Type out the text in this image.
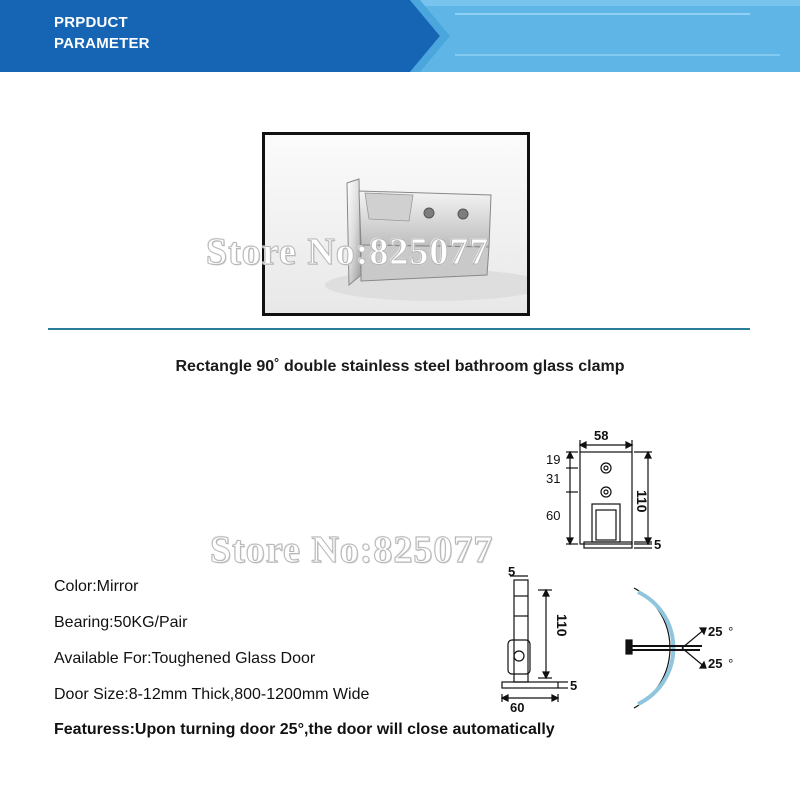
PRPDUCT
PARAMETER
Store No:825077
Rectangle 90˚ double stainless steel bathroom glass clamp
58
19
31
60
110
5
Store No:825077
Color:Mirror
Bearing:50KG/Pair
Available For:Toughened Glass Door
Door Size:8-12mm Thick,800-1200mm Wide
Featuress:Upon turning door 25°,the door will close automatically
5
110
5
60
25 °
25 °
